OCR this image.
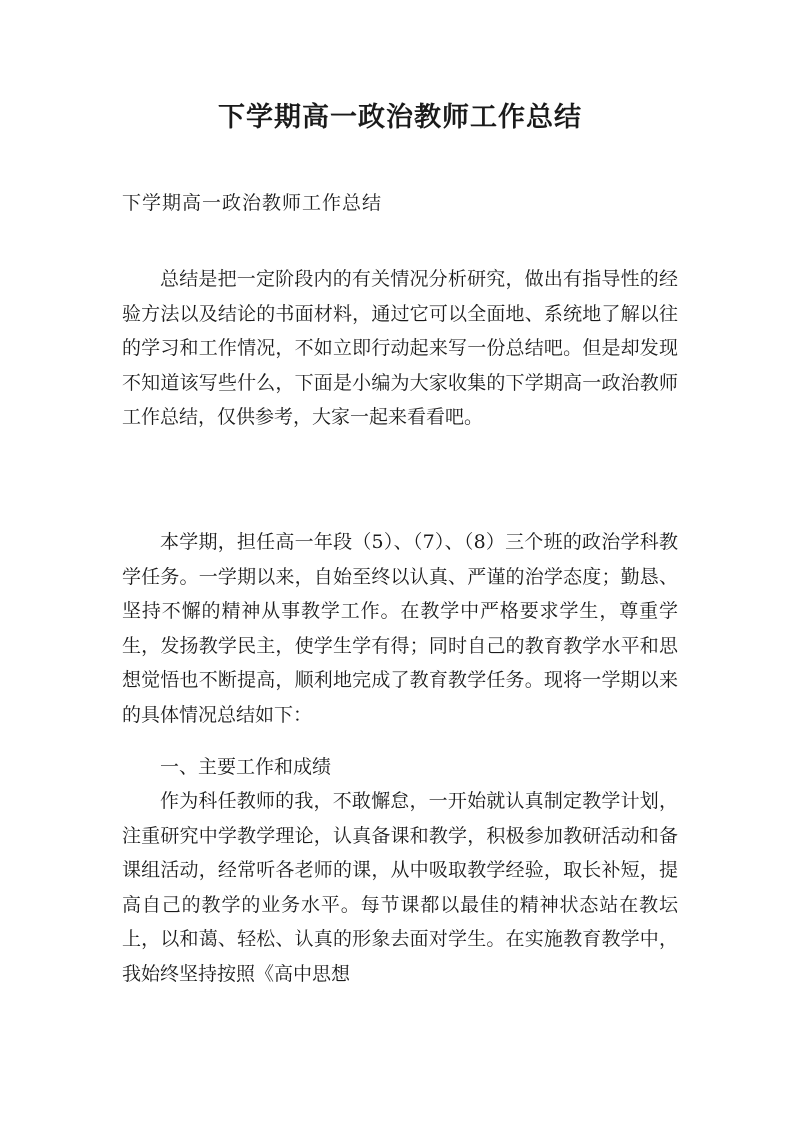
下学期高一政治教师工作总结

下学期高一政治教师工作总结

总结是把一定阶段内的有关情况分析研究，做出有指导性的经验方法以及结论的书面材料，通过它可以全面地、系统地了解以往的学习和工作情况，不如立即行动起来写一份总结吧。但是却发现不知道该写些什么，下面是小编为大家收集的下学期高一政治教师工作总结，仅供参考，大家一起来看看吧。

本学期，担任高一年段（5）、（7）、（8）三个班的政治学科教学任务。一学期以来，自始至终以认真、严谨的治学态度；勤恳、坚持不懈的精神从事教学工作。在教学中严格要求学生，尊重学生，发扬教学民主，使学生学有得；同时自己的教育教学水平和思想觉悟也不断提高，顺利地完成了教育教学任务。现将一学期以来的具体情况总结如下：

一、主要工作和成绩

作为科任教师的我，不敢懈怠，一开始就认真制定教学计划，注重研究中学教学理论，认真备课和教学，积极参加教研活动和备课组活动，经常听各老师的课，从中吸取教学经验，取长补短，提高自己的教学的业务水平。每节课都以最佳的精神状态站在教坛上，以和蔼、轻松、认真的形象去面对学生。在实施教育教学中，我始终坚持按照《高中思想
